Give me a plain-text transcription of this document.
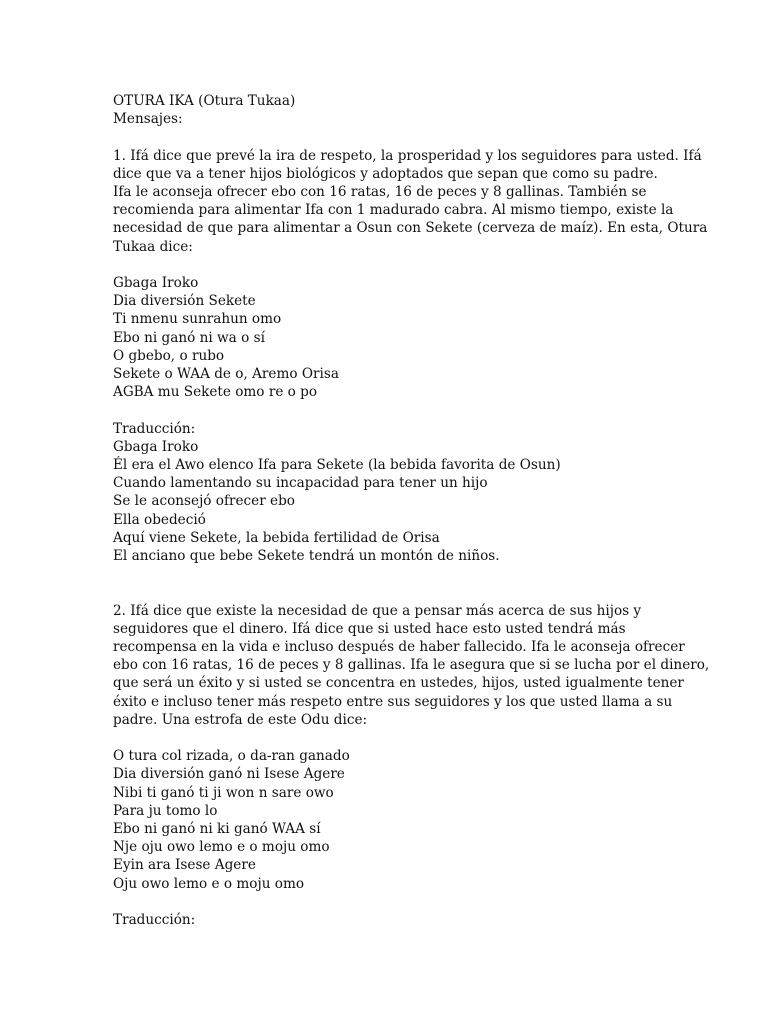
OTURA IKA (Otura Tukaa)
Mensajes:
1. Ifá dice que prevé la ira de respeto, la prosperidad y los seguidores para usted. Ifá
dice que va a tener hijos biológicos y adoptados que sepan que como su padre.
Ifa le aconseja ofrecer ebo con 16 ratas, 16 de peces y 8 gallinas. También se
recomienda para alimentar Ifa con 1 madurado cabra. Al mismo tiempo, existe la
necesidad de que para alimentar a Osun con Sekete (cerveza de maíz). En esta, Otura
Tukaa dice:
Gbaga Iroko
Dia diversión Sekete
Ti nmenu sunrahun omo
Ebo ni ganó ni wa o sí
O gbebo, o rubo
Sekete o WAA de o, Aremo Orisa
AGBA mu Sekete omo re o po
Traducción:
Gbaga Iroko
Él era el Awo elenco Ifa para Sekete (la bebida favorita de Osun)
Cuando lamentando su incapacidad para tener un hijo
Se le aconsejó ofrecer ebo
Ella obedeció
Aquí viene Sekete, la bebida fertilidad de Orisa
El anciano que bebe Sekete tendrá un montón de niños.
2. Ifá dice que existe la necesidad de que a pensar más acerca de sus hijos y
seguidores que el dinero. Ifá dice que si usted hace esto usted tendrá más
recompensa en la vida e incluso después de haber fallecido. Ifa le aconseja ofrecer
ebo con 16 ratas, 16 de peces y 8 gallinas. Ifa le asegura que si se lucha por el dinero,
que será un éxito y si usted se concentra en ustedes, hijos, usted igualmente tener
éxito e incluso tener más respeto entre sus seguidores y los que usted llama a su
padre. Una estrofa de este Odu dice:
O tura col rizada, o da-ran ganado
Dia diversión ganó ni Isese Agere
Nibi ti ganó ti ji won n sare owo
Para ju tomo lo
Ebo ni ganó ni ki ganó WAA sí
Nje oju owo lemo e o moju omo
Eyin ara Isese Agere
Oju owo lemo e o moju omo
Traducción:
